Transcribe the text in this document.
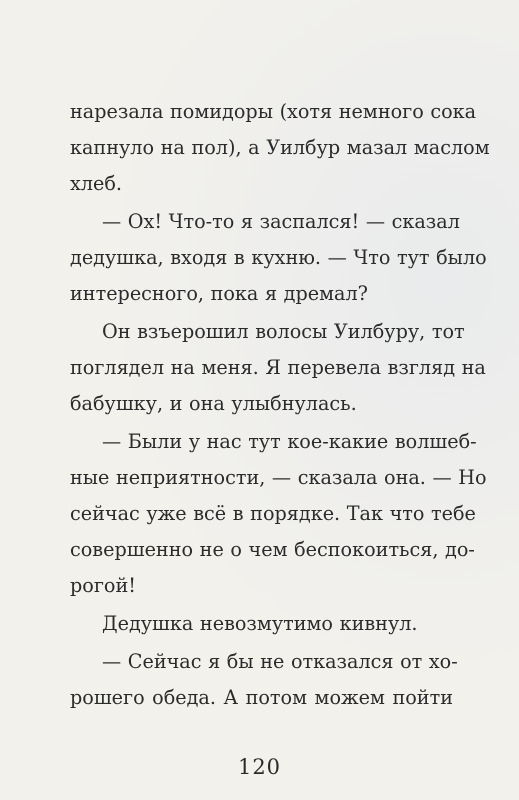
нарезала помидоры (хотя немного сока
капнуло на пол), а Уилбур мазал маслом
хлеб.
— Ох! Что-то я заспался! — сказал
дедушка, входя в кухню. — Что тут было
интересного, пока я дремал?
Он взъерошил волосы Уилбуру, тот
поглядел на меня. Я перевела взгляд на
бабушку, и она улыбнулась.
— Были у нас тут кое-какие волшеб-
ные неприятности, — сказала она. — Но
сейчас уже всё в порядке. Так что тебе
совершенно не о чем беспокоиться, до-
рогой!
Дедушка невозмутимо кивнул.
— Сейчас я бы не отказался от хо-
рошего обеда. А потом можем пойти
120
